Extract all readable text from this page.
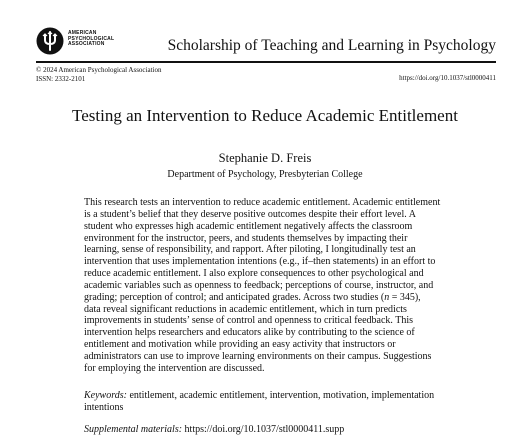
AMERICAN
PSYCHOLOGICAL
ASSOCIATION	Scholarship of Teaching and Learning in Psychology
© 2024 American Psychological Association
ISSN: 2332-2101	https://doi.org/10.1037/stl0000411
Testing an Intervention to Reduce Academic Entitlement
Stephanie D. Freis
Department of Psychology, Presbyterian College
This research tests an intervention to reduce academic entitlement. Academic entitlement
is a student’s belief that they deserve positive outcomes despite their effort level. A
student who expresses high academic entitlement negatively affects the classroom
environment for the instructor, peers, and students themselves by impacting their
learning, sense of responsibility, and rapport. After piloting, I longitudinally test an
intervention that uses implementation intentions (e.g., if–then statements) in an effort to
reduce academic entitlement. I also explore consequences to other psychological and
academic variables such as openness to feedback; perceptions of course, instructor, and
grading; perception of control; and anticipated grades. Across two studies (n = 345),
data reveal significant reductions in academic entitlement, which in turn predicts
improvements in students’ sense of control and openness to critical feedback. This
intervention helps researchers and educators alike by contributing to the science of
entitlement and motivation while providing an easy activity that instructors or
administrators can use to improve learning environments on their campus. Suggestions
for employing the intervention are discussed.

Keywords: entitlement, academic entitlement, intervention, motivation, implementation intentions

Supplemental materials: https://doi.org/10.1037/stl0000411.supp
